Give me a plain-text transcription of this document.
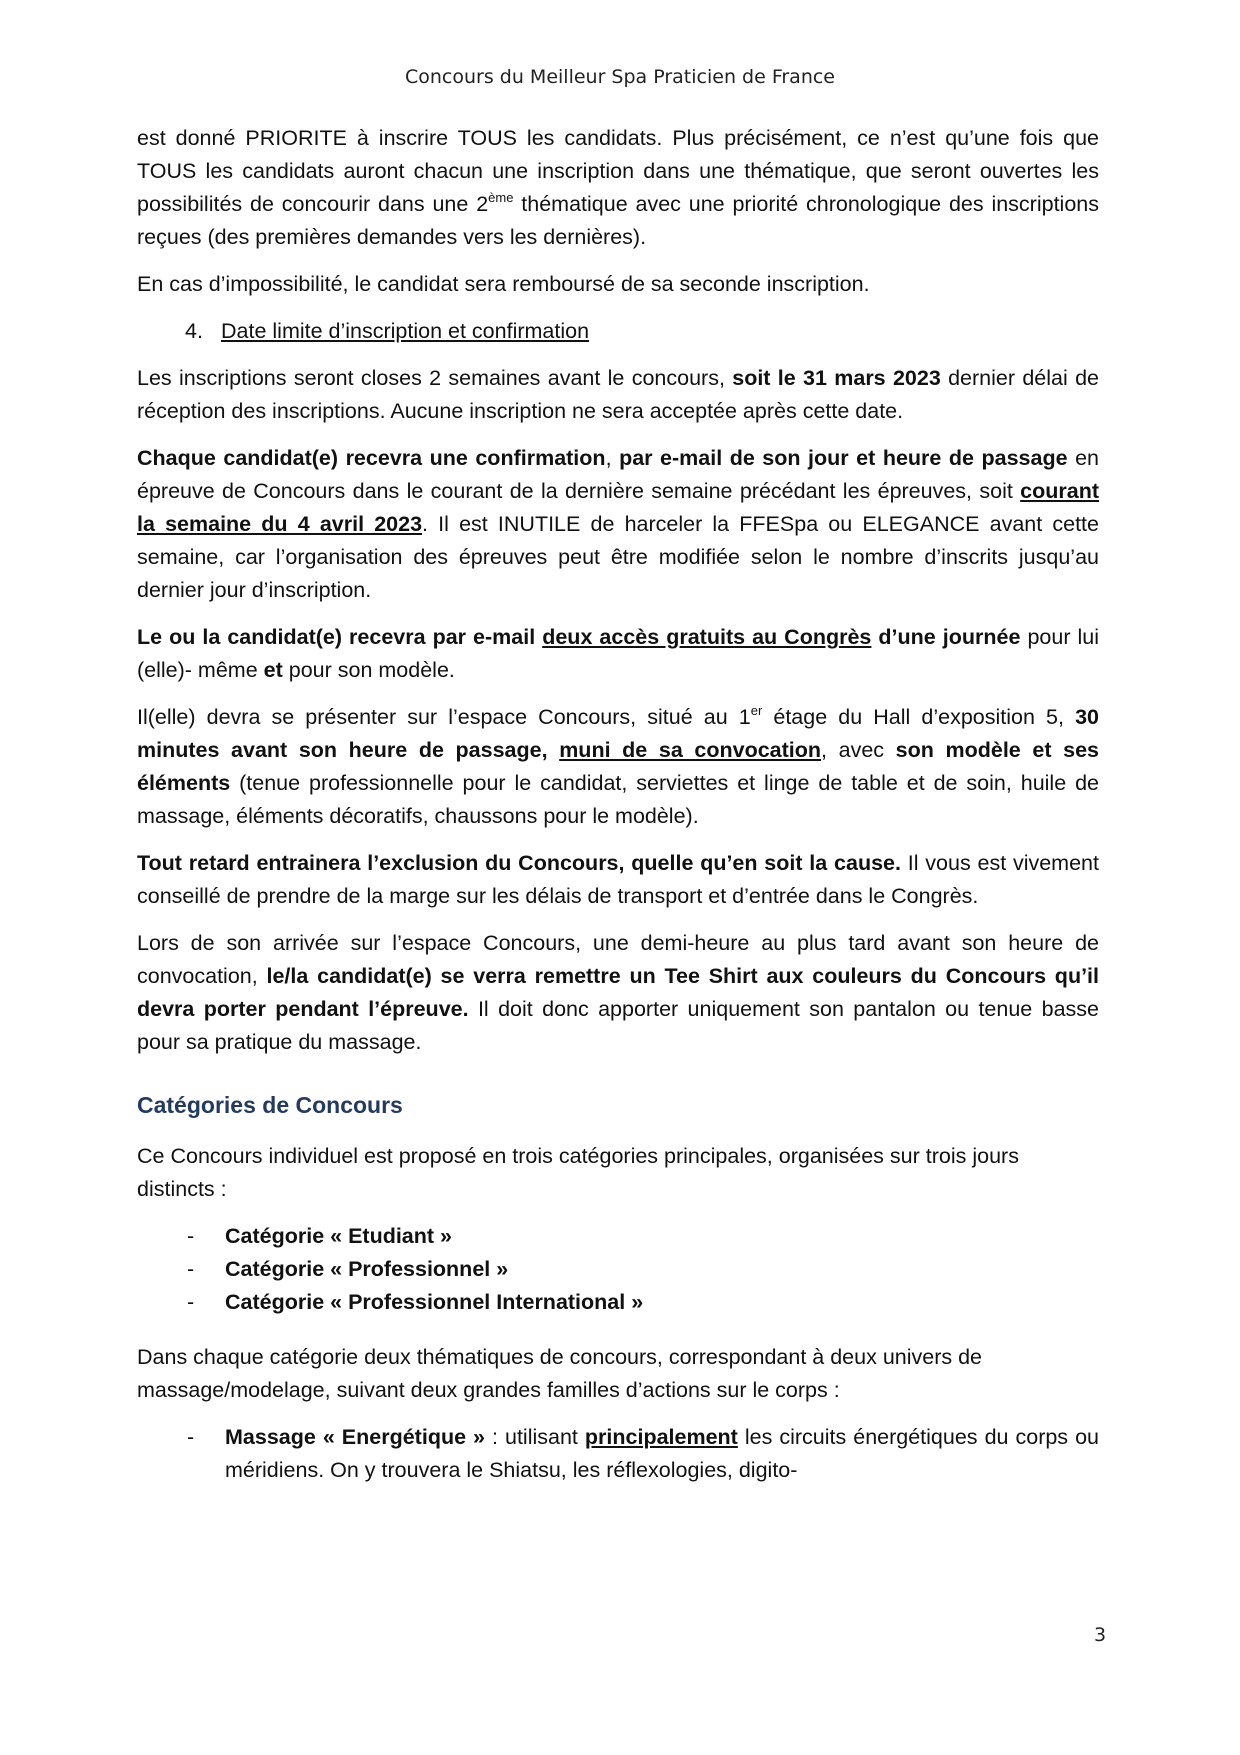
Concours du Meilleur Spa Praticien de France

est donné PRIORITE à inscrire TOUS les candidats. Plus précisément, ce n’est qu’une fois que TOUS les candidats auront chacun une inscription dans une thématique, que seront ouvertes les possibilités de concourir dans une 2ème thématique avec une priorité chronologique des inscriptions reçues (des premières demandes vers les dernières).

En cas d’impossibilité, le candidat sera remboursé de sa seconde inscription.

4. Date limite d’inscription et confirmation

Les inscriptions seront closes 2 semaines avant le concours, soit le 31 mars 2023 dernier délai de réception des inscriptions. Aucune inscription ne sera acceptée après cette date.

Chaque candidat(e) recevra une confirmation, par e-mail de son jour et heure de passage en épreuve de Concours dans le courant de la dernière semaine précédant les épreuves, soit courant la semaine du 4 avril 2023. Il est INUTILE de harceler la FFESpa ou ELEGANCE avant cette semaine, car l’organisation des épreuves peut être modifiée selon le nombre d’inscrits jusqu’au dernier jour d’inscription.

Le ou la candidat(e) recevra par e-mail deux accès gratuits au Congrès d’une journée pour lui (elle)- même et pour son modèle.

Il(elle) devra se présenter sur l’espace Concours, situé au 1er étage du Hall d’exposition 5, 30 minutes avant son heure de passage, muni de sa convocation, avec son modèle et ses éléments (tenue professionnelle pour le candidat, serviettes et linge de table et de soin, huile de massage, éléments décoratifs, chaussons pour le modèle).

Tout retard entrainera l’exclusion du Concours, quelle qu’en soit la cause. Il vous est vivement conseillé de prendre de la marge sur les délais de transport et d’entrée dans le Congrès.

Lors de son arrivée sur l’espace Concours, une demi-heure au plus tard avant son heure de convocation, le/la candidat(e) se verra remettre un Tee Shirt aux couleurs du Concours qu’il devra porter pendant l’épreuve. Il doit donc apporter uniquement son pantalon ou tenue basse pour sa pratique du massage.

Catégories de Concours

Ce Concours individuel est proposé en trois catégories principales, organisées sur trois jours distincts :

- Catégorie « Etudiant »
- Catégorie « Professionnel »
- Catégorie « Professionnel International »

Dans chaque catégorie deux thématiques de concours, correspondant à deux univers de massage/modelage, suivant deux grandes familles d’actions sur le corps :

- Massage « Energétique » : utilisant principalement les circuits énergétiques du corps ou méridiens. On y trouvera le Shiatsu, les réflexologies, digito-
3
